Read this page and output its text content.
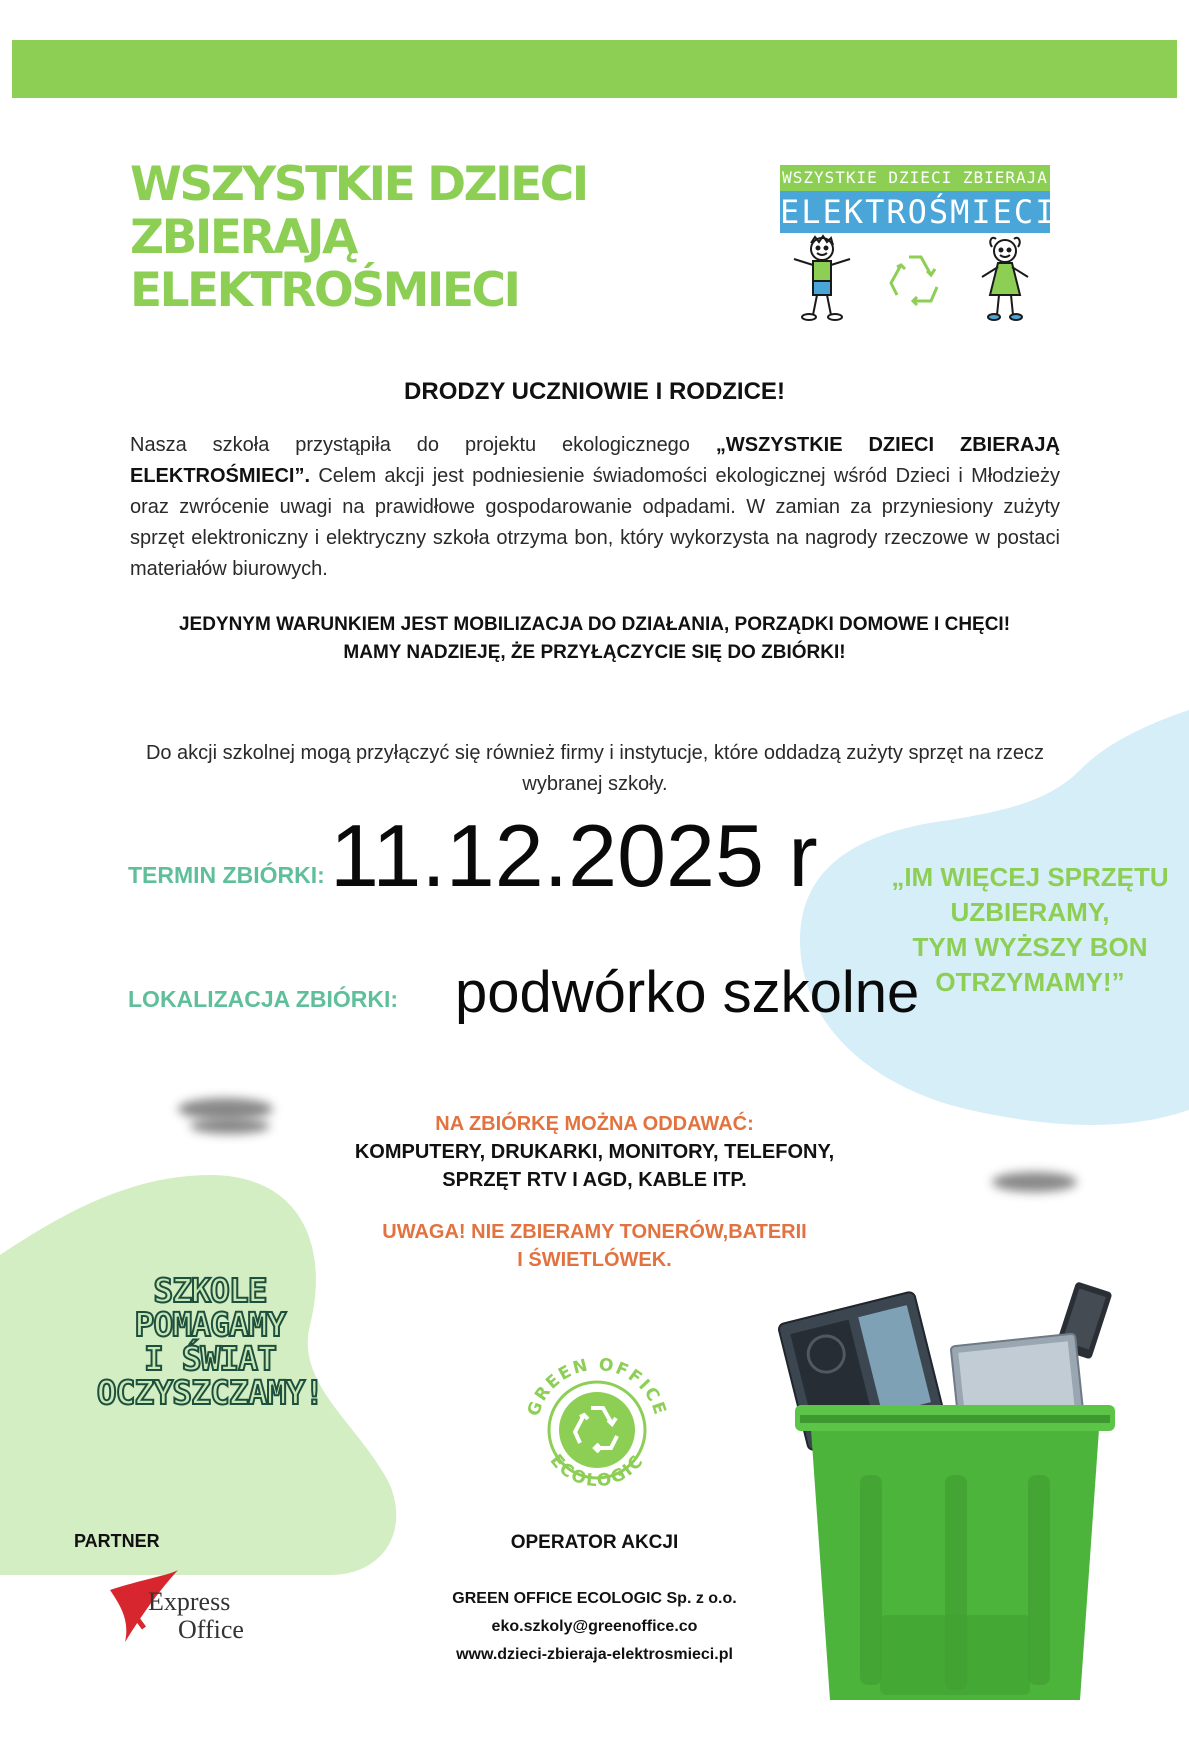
WSZYSTKIE DZIECI
ZBIERAJĄ
ELEKTROŚMIECI
WSZYSTKIE DZIECI ZBIERAJA
ELEKTROŚMIECI
DRODZY UCZNIOWIE I RODZICE!

Nasza szkoła przystąpiła do projektu ekologicznego „WSZYSTKIE DZIECI ZBIERAJĄ ELEKTROŚMIECI”. Celem akcji jest podniesienie świadomości ekologicznej wśród Dzieci i Młodzieży oraz zwrócenie uwagi na prawidłowe gospodarowanie odpadami. W zamian za przyniesiony zużyty sprzęt elektroniczny i elektryczny szkoła otrzyma bon, który wykorzysta na nagrody rzeczowe w postaci materiałów biurowych.

JEDYNYM WARUNKIEM JEST MOBILIZACJA DO DZIAŁANIA, PORZĄDKI DOMOWE I CHĘCI!
MAMY NADZIEJĘ, ŻE PRZYŁĄCZYCIE SIĘ DO ZBIÓRKI!

Do akcji szkolnej mogą przyłączyć się również firmy i instytucje, które oddadzą zużyty sprzęt na rzecz wybranej szkoły.

TERMIN ZBIÓRKI: 11.12.2025 r
LOKALIZACJA ZBIÓRKI:
„IM WIĘCEJ SPRZĘTU
UZBIERAMY,
TYM WYŻSZY BON
OTRZYMAMY!”
podwórko szkolne
NA ZBIÓRKĘ MOŻNA ODDAWAĆ:
KOMPUTERY, DRUKARKI, MONITORY, TELEFONY,
SPRZĘT RTV I AGD, KABLE ITP.
UWAGA! NIE ZBIERAMY TONERÓW,BATERII
I ŚWIETLÓWEK.
SZKOLE
POMAGAMY
I ŚWIAT
OCZYSZCZAMY!	GREEN OFFICE
ECOLOGIC
PARTNER
Express
Office
OPERATOR AKCJI
GREEN OFFICE ECOLOGIC Sp. z o.o.
eko.szkoly@greenoffice.co
www.dzieci-zbieraja-elektrosmieci.pl
